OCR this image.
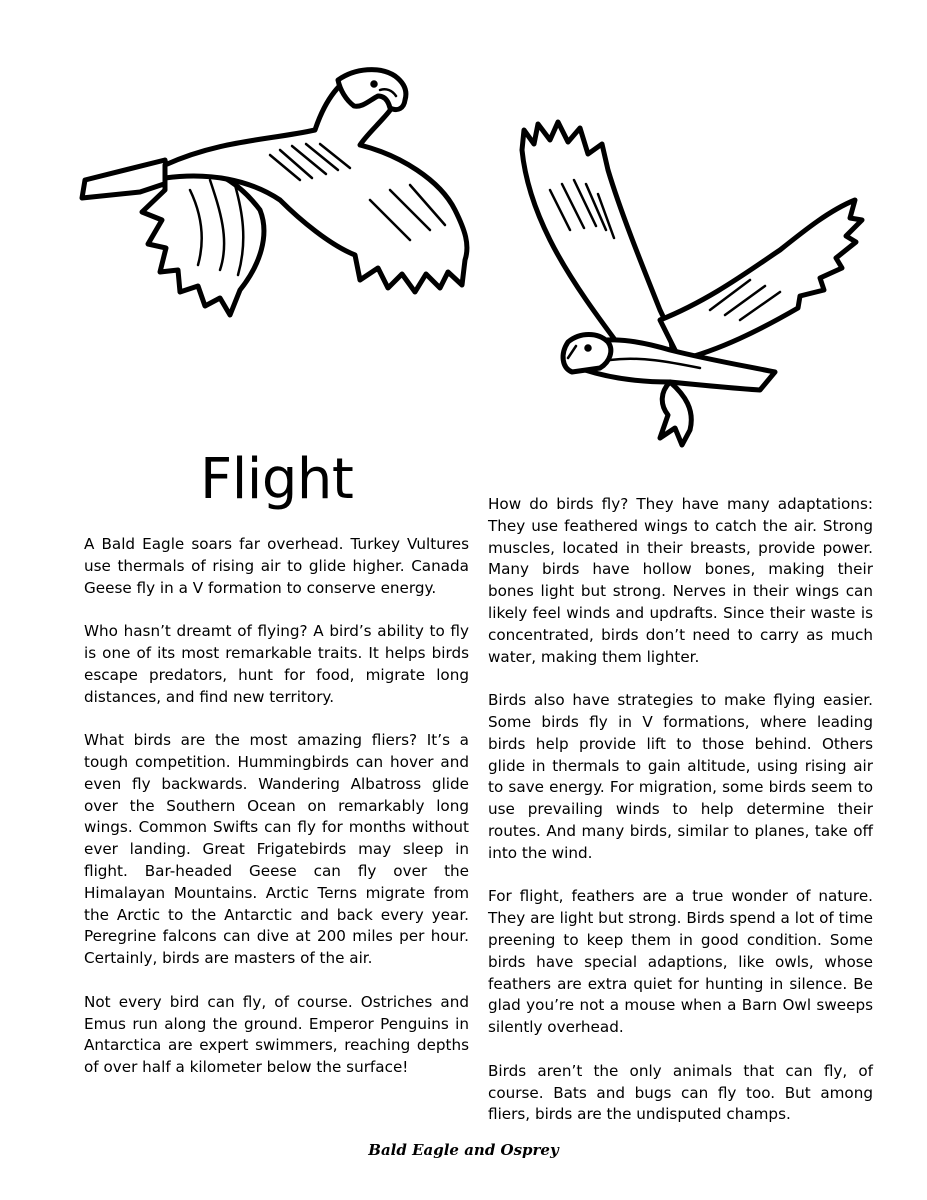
Flight

A Bald Eagle soars far overhead. Turkey Vultures use thermals of rising air to glide higher. Canada Geese fly in a V formation to conserve energy.

Who hasn’t dreamt of flying? A bird’s ability to fly is one of its most remarkable traits. It helps birds escape predators, hunt for food, migrate long distances, and find new territory.

What birds are the most amazing fliers? It’s a tough competition. Hummingbirds can hover and even fly backwards. Wandering Albatross glide over the Southern Ocean on remarkably long wings. Common Swifts can fly for months without ever landing. Great Frigatebirds may sleep in flight. Bar-headed Geese can fly over the Himalayan Mountains. Arctic Terns migrate from the Arctic to the Antarctic and back every year. Peregrine falcons can dive at 200 miles per hour. Certainly, birds are masters of the air.

Not every bird can fly, of course. Ostriches and Emus run along the ground. Emperor Penguins in Antarctica are expert swimmers, reaching depths of over half a kilometer below the surface!

How do birds fly? They have many adaptations: They use feathered wings to catch the air. Strong muscles, located in their breasts, provide power. Many birds have hollow bones, making their bones light but strong. Nerves in their wings can likely feel winds and updrafts. Since their waste is concentrated, birds don’t need to carry as much water, making them lighter.

Birds also have strategies to make flying easier. Some birds fly in V formations, where leading birds help provide lift to those behind. Others glide in thermals to gain altitude, using rising air to save energy. For migration, some birds seem to use prevailing winds to help determine their routes. And many birds, similar to planes, take off into the wind.

For flight, feathers are a true wonder of nature. They are light but strong. Birds spend a lot of time preening to keep them in good condition. Some birds have special adaptions, like owls, whose feathers are extra quiet for hunting in silence. Be glad you’re not a mouse when a Barn Owl sweeps silently overhead.

Birds aren’t the only animals that can fly, of course. Bats and bugs can fly too. But among fliers, birds are the undisputed champs.

Bald Eagle and Osprey
